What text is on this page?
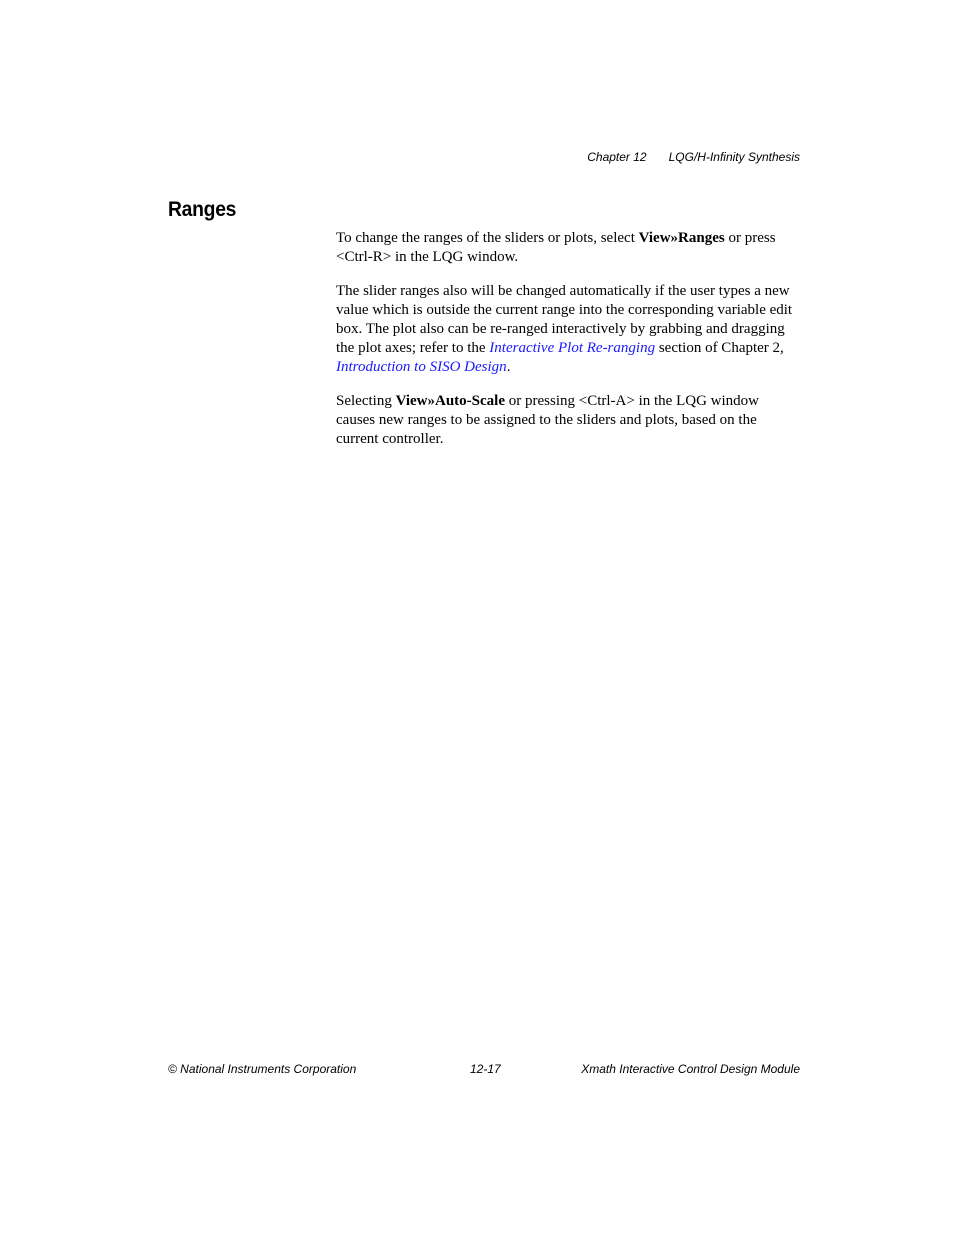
Chapter 12 LQG/H-Infinity Synthesis
Ranges

To change the ranges of the sliders or plots, select View»Ranges or press <Ctrl-R> in the LQG window.

The slider ranges also will be changed automatically if the user types a new value which is outside the current range into the corresponding variable edit box. The plot also can be re-ranged interactively by grabbing and dragging the plot axes; refer to the Interactive Plot Re-ranging section of Chapter 2, Introduction to SISO Design.

Selecting View»Auto-Scale or pressing <Ctrl-A> in the LQG window causes new ranges to be assigned to the sliders and plots, based on the current controller.

© National Instruments Corporation	12-17	Xmath Interactive Control Design Module
